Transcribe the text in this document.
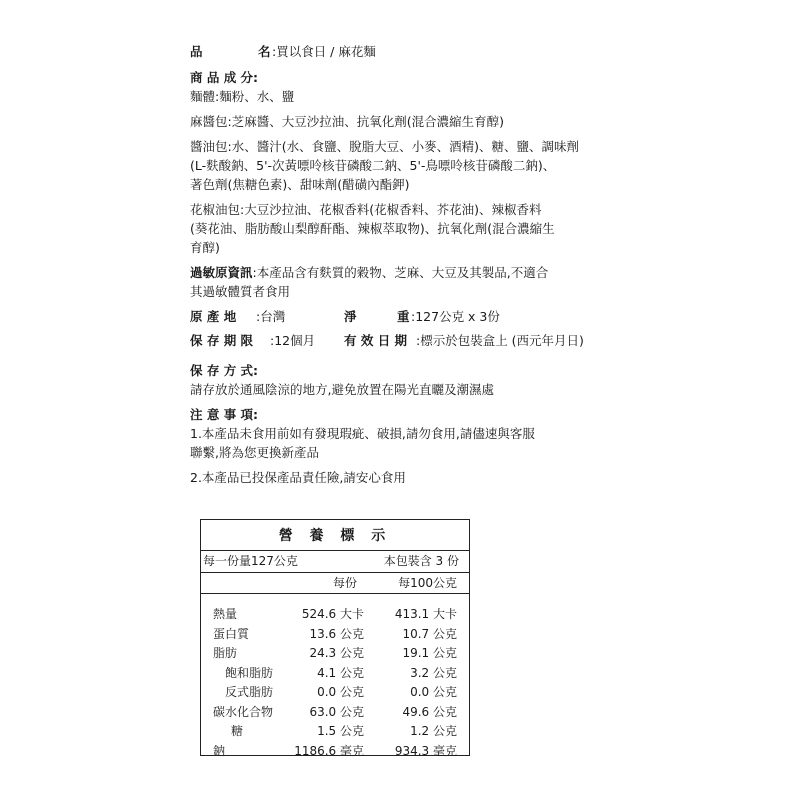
品	名 :買以食日 / 麻花麵
商 品 成 分:
麵體:麵粉、水、鹽
麻醬包:芝麻醬、大豆沙拉油、抗氧化劑(混合濃縮生育醇)
醬油包:水、醬汁(水、食鹽、脫脂大豆、小麥、酒精)、糖、鹽、調味劑
(L-麩酸鈉、5'-次黃嘌呤核苷磷酸二鈉、5'-鳥嘌呤核苷磷酸二鈉)、
著色劑(焦糖色素)、甜味劑(醋磺內酯鉀)
花椒油包:大豆沙拉油、花椒香料(花椒香料、芥花油)、辣椒香料
(葵花油、脂肪酸山梨醇酐酯、辣椒萃取物)、抗氧化劑(混合濃縮生
育醇)
過敏原資訊:本產品含有麩質的穀物、芝麻、大豆及其製品,不適合
其過敏體質者食用
原 產 地 :台灣	淨	重 :127公克 x 3份
保 存 期 限 :12個月 有 效 日 期 :標示於包裝盒上 (西元年月日)
保 存 方 式:
請存放於通風陰涼的地方,避免放置在陽光直曬及潮濕處
注 意 事 項:
1.本產品未食用前如有發現瑕疵、破損,請勿食用,請儘速與客服
聯繫,將為您更換新產品
2.本產品已投保產品責任險,請安心食用
營 養 標 示
每一份量127公克	本包裝含 3 份
每份	每100公克
熱量	524.6 大卡	413.1 大卡
蛋白質	13.6 公克	10.7 公克
脂肪	24.3 公克	19.1 公克
飽和脂肪	4.1 公克	3.2 公克
反式脂肪	0.0 公克	0.0 公克
碳水化合物	63.0 公克	49.6 公克
糖	1.5 公克	1.2 公克
鈉	1186.6 毫克	934.3 毫克
